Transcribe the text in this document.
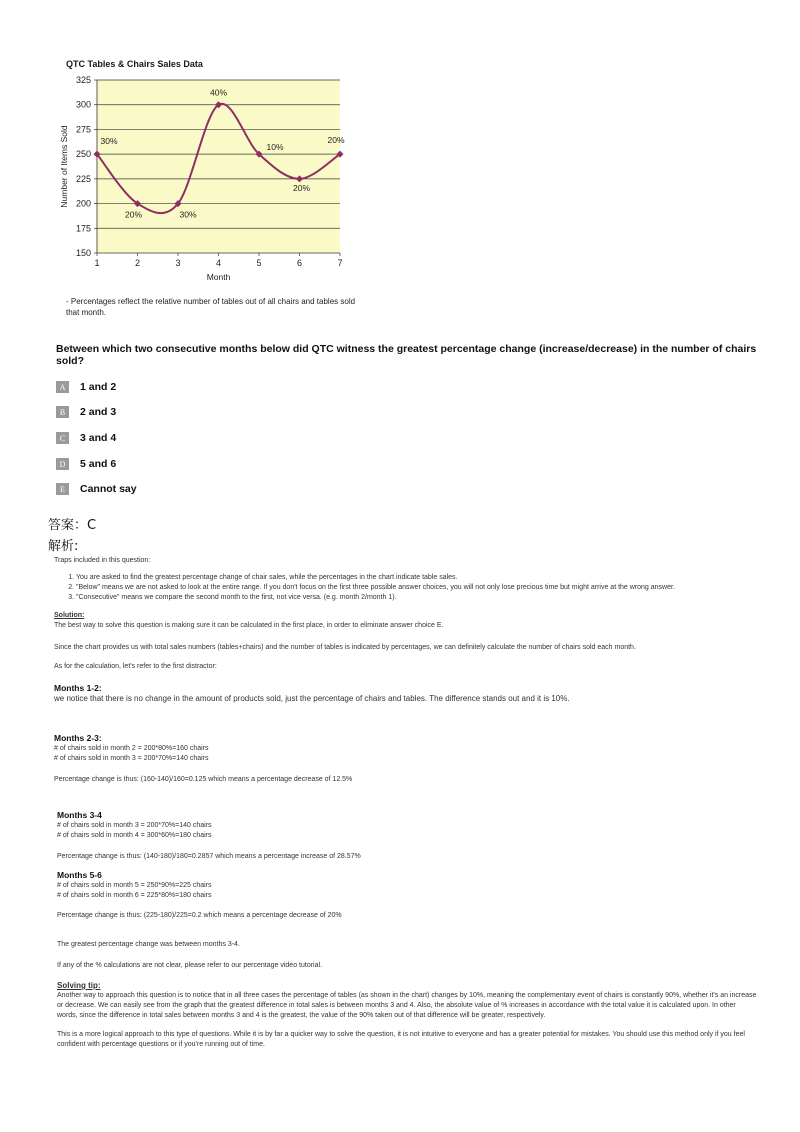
QTC Tables & Chairs Sales Data
150
175
200
225
250
275
300
325
1	2	3	4	5	6	7
30%
20%	30%
40%
10%
20%
20%
Month
Number of Items Sold
- Percentages reflect the relative number of tables out of all chairs and tables sold that month.
Between which two consecutive months below did QTC witness the greatest percentage change (increase/decrease) in the number of chairs sold?
A	1 and 2
B	2 and 3
C	3 and 4
D	5 and 6
E	Cannot say
答案：C
解析:
Traps included in this question:
1. You are asked to find the greatest percentage change of chair sales, while the percentages in the chart indicate table sales.
2. "Below" means we are not asked to look at the entire range. If you don't focus on the first three possible answer choices, you will not only lose precious time but might arrive at the wrong answer.
3. "Consecutive" means we compare the second month to the first, not vice versa. (e.g. month 2/month 1).
Solution:
The best way to solve this question is making sure it can be calculated in the first place, in order to eliminate answer choice E.
Since the chart provides us with total sales numbers (tables+chairs) and the number of tables is indicated by percentages, we can definitely calculate the number of chairs sold each month.
As for the calculation, let's refer to the first distractor:
Months 1-2:
we notice that there is no change in the amount of products sold, just the percentage of chairs and tables. The difference stands out and it is 10%.
Months 2-3:
# of chairs sold in month 2 = 200*80%=160 chairs
# of chairs sold in month 3 = 200*70%=140 chairs
Percentage change is thus: (160-140)/160=0.125 which means a percentage decrease of 12.5%
Months 3-4
# of chairs sold in month 3 = 200*70%=140 chairs
# of chairs sold in month 4 = 300*60%=180 chairs
Percentage change is thus: (140-180)/180=0.2857 which means a percentage increase of 28.57%
Months 5-6
# of chairs sold in month 5 = 250*90%=225 chairs
# of chairs sold in month 6 = 225*80%=180 chairs
Percentage change is thus: (225-180)/225=0.2 which means a percentage decrease of 20%
The greatest percentage change was between months 3-4.
If any of the % calculations are not clear, please refer to our percentage video tutorial.
Solving tip:
Another way to approach this question is to notice that in all three cases the percentage of tables (as shown in the chart) changes by 10%, meaning the complementary event of chairs is constantly 90%, whether it's an increase or decrease. We can easily see from the graph that the greatest difference in total sales is between months 3 and 4. Also, the absolute value of % increases in accordance with the total value it is calculated upon. In other words, since the difference in total sales between months 3 and 4 is the greatest, the value of the 90% taken out of that difference will be greater, respectively.
This is a more logical approach to this type of questions. While it is by far a quicker way to solve the question, it is not intuitive to everyone and has a greater potential for mistakes. You should use this method only if you feel confident with percentage questions or if you're running out of time.
